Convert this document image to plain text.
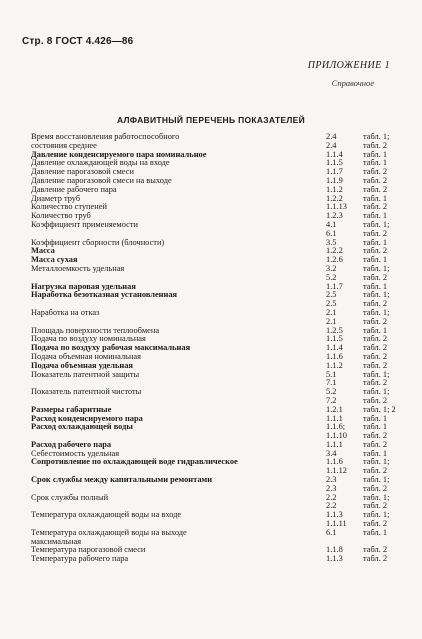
Стр. 8 ГОСТ 4.426—86
ПРИЛОЖЕНИЕ 1
Справочное
АЛФАВИТНЫЙ ПЕРЕЧЕНЬ ПОКАЗАТЕЛЕЙ
Время восстановления работоспособного	2.4	табл. 1;
состояния среднее	2.4	табл. 2
Давление конденсируемого пара номинальное	1.1.4 табл. 1
Давление охлаждающей воды на входе	1.1.5 табл. 1
Давление парогазовой смеси	1.1.7 табл. 2
Давление парогазовой смеси на выходе	1.1.9 табл. 2
Давление рабочего пара	1.1.2 табл. 2
Диаметр труб	1.2.2 табл. 1
Количество ступеней	1.1.13 табл. 2
Количество труб	1.2.3 табл. 1
Коэффициент применяемости	4.1	табл. 1;
6.1	табл. 2
Коэффициент сборности (блочности)	3.5	табл. 1
Масса	1.2.2 табл. 2
Масса сухая	1.2.6 табл. 1
Металлоемкость удельная	3.2	табл. 1;
5.2	табл. 2
Нагрузка паровая удельная	1.1.7 табл. 1
Наработка безотказная установленная	2.5	табл. 1;
2.5	табл. 2
Наработка на отказ	2.1	табл. 1;
2.1	табл. 2
Площадь поверхности теплообмена	1.2.5 табл. 1
Подача по воздуху номинальная	1.1.5 табл. 2
Подача по воздуху рабочая максимальная	1.1.4 табл. 2
Подача объемная номинальная	1.1.6 табл. 2
Подача объемная удельная	1.1.2 табл. 2
Показатель патентной защиты	5.1	табл. 1;
7.1	табл. 2
Показатель патентной чистоты	5.2	табл. 1;
7.2	табл. 2
Размеры габаритные	1.2.1 табл. 1; 2
Расход конденсируемого пара	1.1.1 табл. 1
Расход охлаждающей воды	1.1.6; табл. 1
1.1.10 табл. 2
Расход рабочего пара	1.1.1 табл. 2
Себестоимость удельная	3.4	табл. 1
Сопротивление по охлаждающей воде гидравлическое	1.1.6 табл. 1;
1.1.12 табл. 2
Срок службы между капитальными ремонтами	2.3	табл. 1;
2.3	табл. 2
Срок службы полный	2.2	табл. 1;
2.2	табл. 2
Температура охлаждающей воды на входе	1.1.3 табл. 1;
1.1.11 табл. 2
Температура охлаждающей воды на выходе	6.1	табл. 1
максимальная
Температура парогазовой смеси	1.1.8 табл. 2
Температура рабочего пара	1.1.3 табл. 2
